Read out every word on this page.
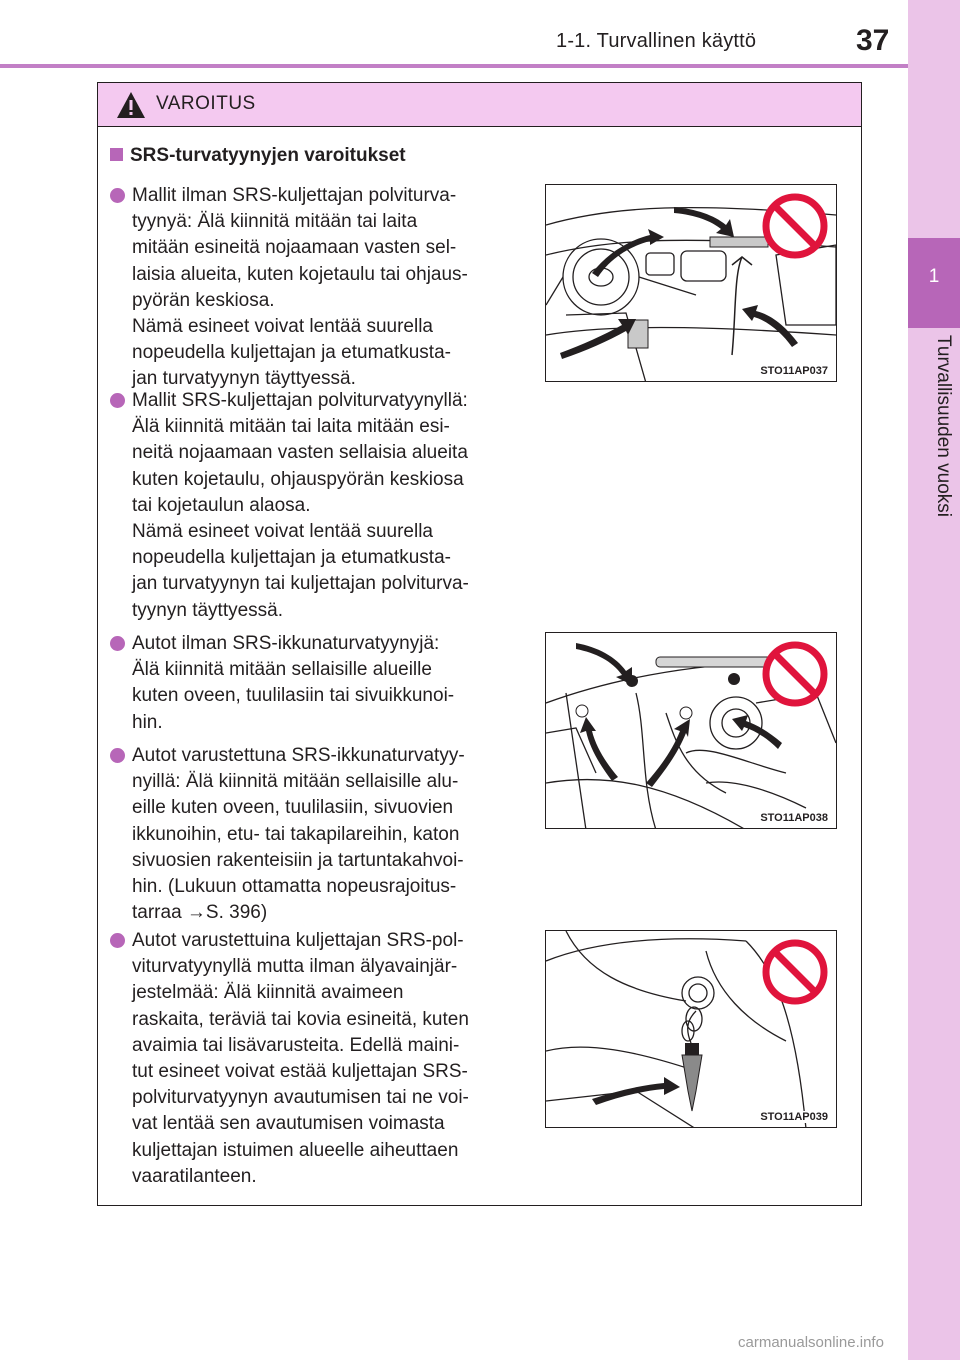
1-1. Turvallinen käyttö	37
1
Turvallisuuden vuoksi
VAROITUS
SRS-turvatyynyjen varoitukset

Mallit ilman SRS-kuljettajan polviturva-
tyynyä: Älä kiinnitä mitään tai laita
mitään esineitä nojaamaan vasten sel-
laisia alueita, kuten kojetaulu tai ohjaus-
pyörän keskiosa.
Nämä esineet voivat lentää suurella
nopeudella kuljettajan ja etumatkusta-
jan turvatyynyn täyttyessä.

Mallit SRS-kuljettajan polviturvatyynyllä:
Älä kiinnitä mitään tai laita mitään esi-
neitä nojaamaan vasten sellaisia alueita
kuten kojetaulu, ohjauspyörän keskiosa
tai kojetaulun alaosa.
Nämä esineet voivat lentää suurella
nopeudella kuljettajan ja etumatkusta-
jan turvatyynyn tai kuljettajan polviturva-
tyynyn täyttyessä.

Autot ilman SRS-ikkunaturvatyynyjä:
Älä kiinnitä mitään sellaisille alueille
kuten oveen, tuulilasiin tai sivuikkunoi-
hin.

Autot varustettuna SRS-ikkunaturvatyy-
nyillä: Älä kiinnitä mitään sellaisille alu-
eille kuten oveen, tuulilasiin, sivuovien
ikkunoihin, etu- tai takapilareihin, katon
sivuosien rakenteisiin ja tartuntakahvoi-
hin. (Lukuun ottamatta nopeusrajoitus-
tarraa →S. 396)

Autot varustettuina kuljettajan SRS-pol-
viturvatyynyllä mutta ilman älyavainjär-
jestelmää: Älä kiinnitä avaimeen
raskaita, teräviä tai kovia esineitä, kuten
avaimia tai lisävarusteita. Edellä maini-
tut esineet voivat estää kuljettajan SRS-
polviturvatyynyn avautumisen tai ne voi-
vat lentää sen avautumisen voimasta
kuljettajan istuimen alueelle aiheuttaen
vaaratilanteen.

STO11AP037
STO11AP038
STO11AP039
carmanualsonline.info
